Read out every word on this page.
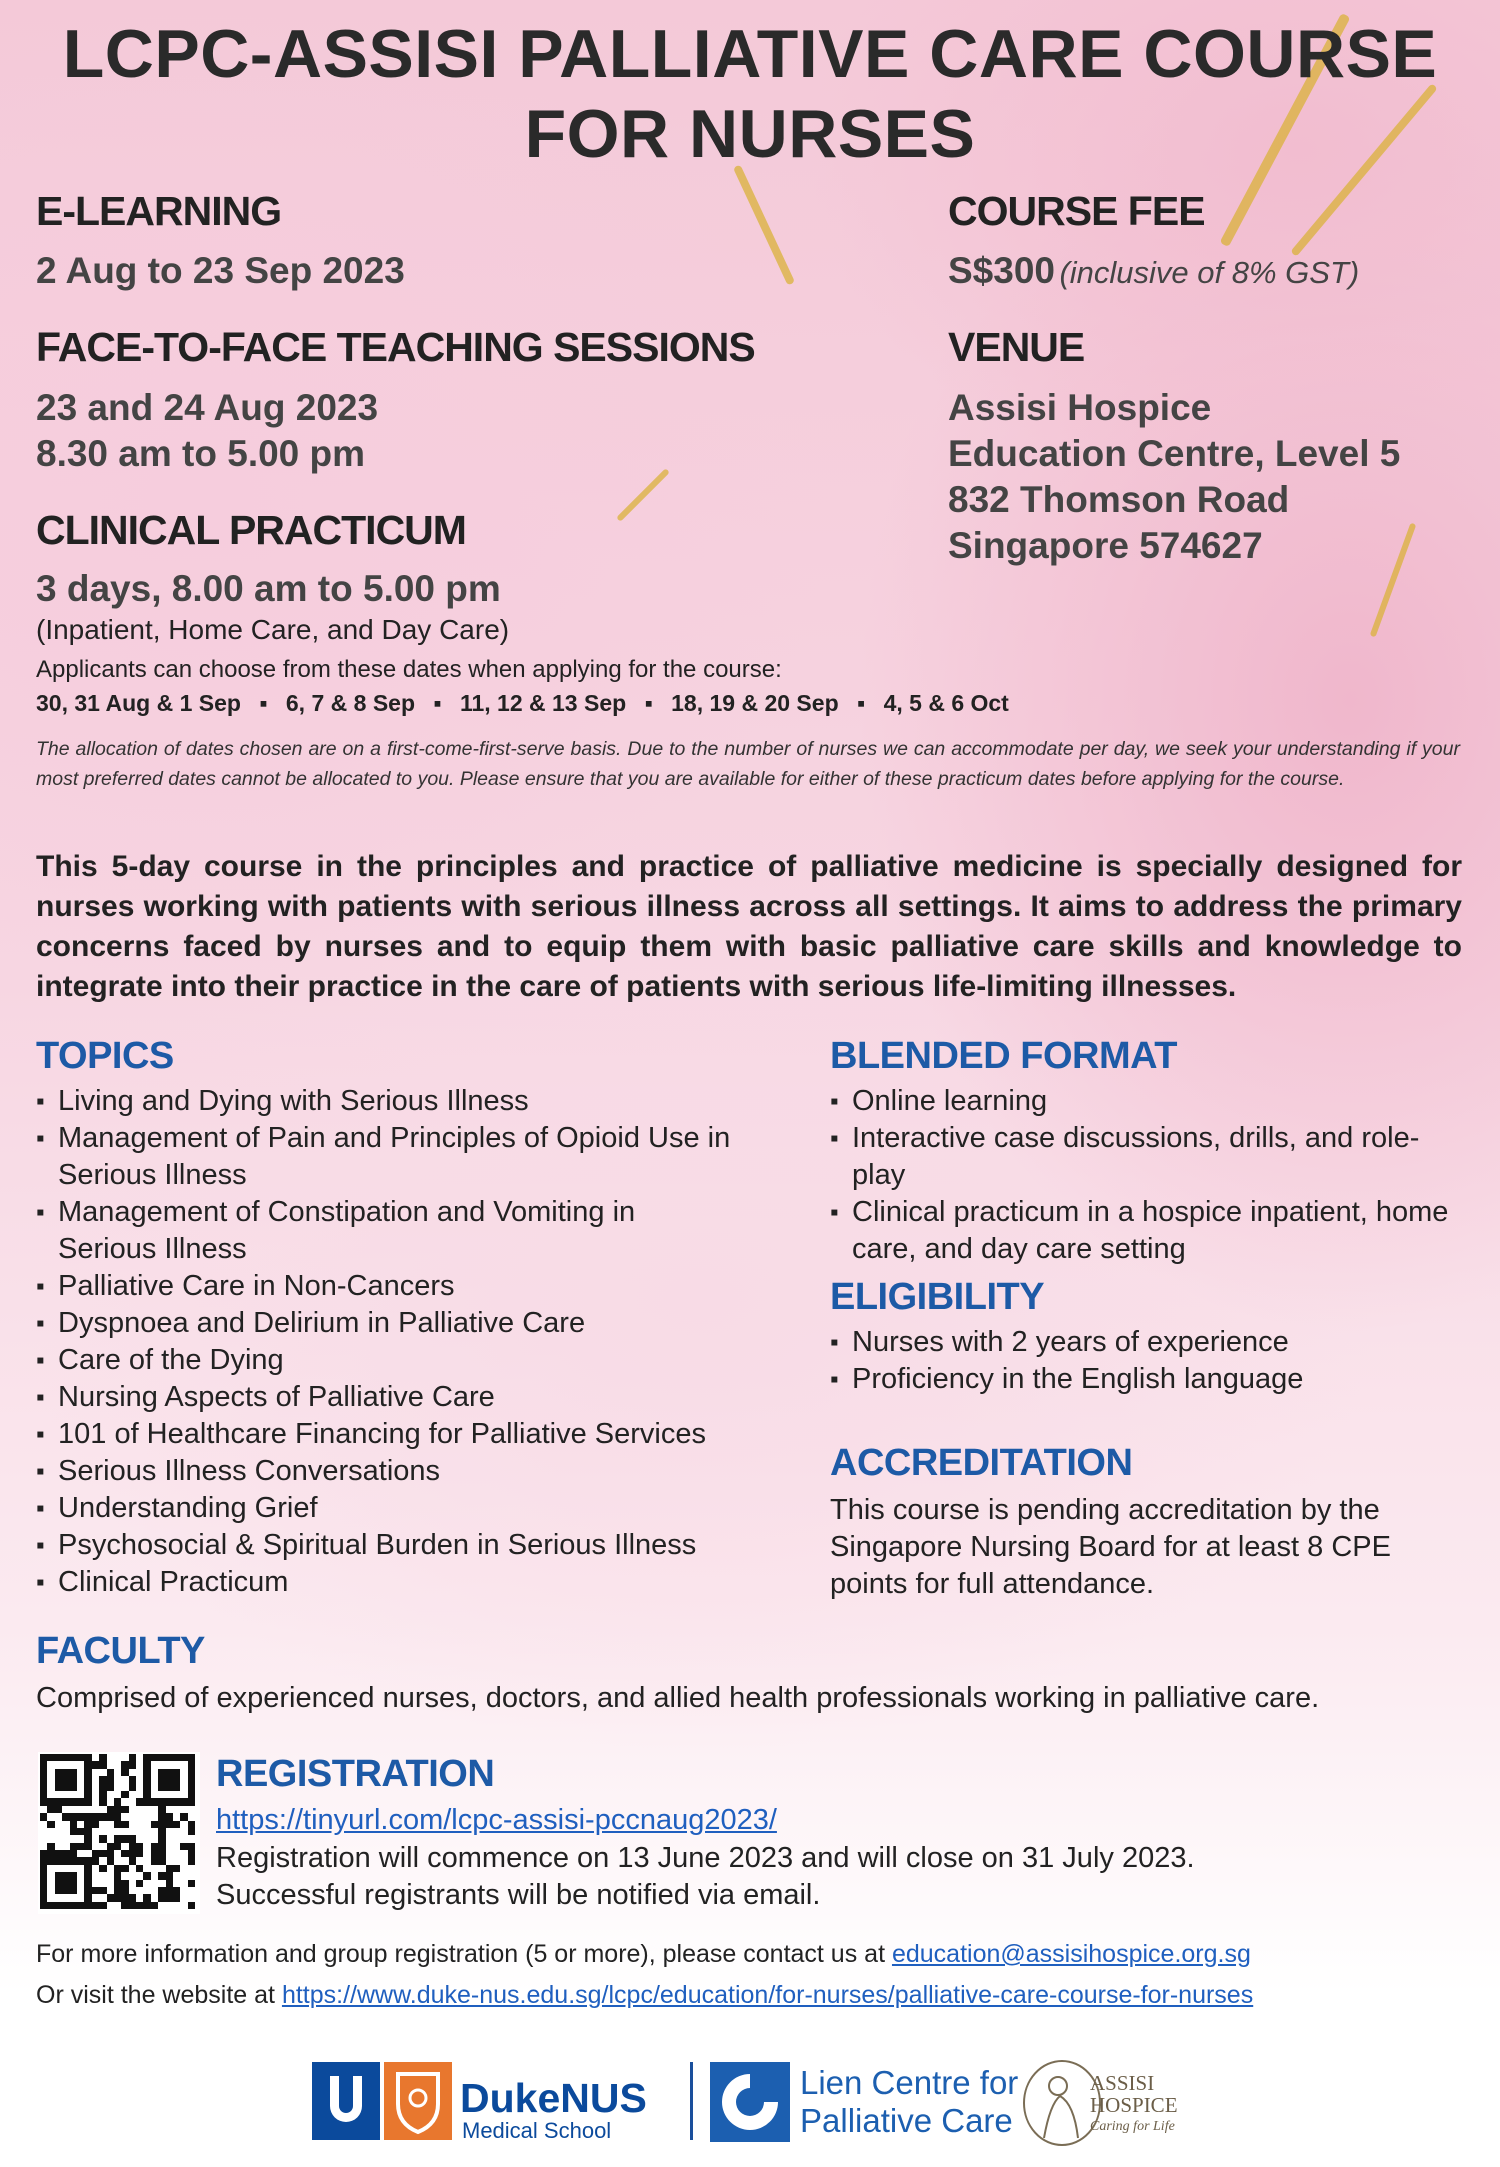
LCPC-ASSISI PALLIATIVE CARE COURSE
FOR NURSES
E-LEARNING
2 Aug to 23 Sep 2023
COURSE FEE
S$300 (inclusive of 8% GST)
FACE-TO-FACE TEACHING SESSIONS
23 and 24 Aug 2023
8.30 am to 5.00 pm
VENUE
Assisi Hospice
Education Centre, Level 5
832 Thomson Road
Singapore 574627
CLINICAL PRACTICUM
3 days, 8.00 am to 5.00 pm
(Inpatient, Home Care, and Day Care)
Applicants can choose from these dates when applying for the course:
30, 31 Aug & 1 Sep ▪ 6, 7 & 8 Sep ▪ 11, 12 & 13 Sep ▪ 18, 19 & 20 Sep ▪ 4, 5 & 6 Oct
The allocation of dates chosen are on a first-come-first-serve basis. Due to the number of nurses we can accommodate per day, we seek your understanding if your most preferred dates cannot be allocated to you. Please ensure that you are available for either of these practicum dates before applying for the course.
This 5-day course in the principles and practice of palliative medicine is specially designed for nurses working with patients with serious illness across all settings. It aims to address the primary concerns faced by nurses and to equip them with basic palliative care skills and knowledge to integrate into their practice in the care of patients with serious life-limiting illnesses.
TOPICS
▪ Living and Dying with Serious Illness
▪ Management of Pain and Principles of Opioid Use in Serious Illness
▪ Management of Constipation and Vomiting in Serious Illness
▪ Palliative Care in Non-Cancers
▪ Dyspnoea and Delirium in Palliative Care
▪ Care of the Dying
▪ Nursing Aspects of Palliative Care
▪ 101 of Healthcare Financing for Palliative Services
▪ Serious Illness Conversations
▪ Understanding Grief
▪ Psychosocial & Spiritual Burden in Serious Illness
▪ Clinical Practicum
BLENDED FORMAT
▪ Online learning
▪ Interactive case discussions, drills, and role-play
▪ Clinical practicum in a hospice inpatient, home care, and day care setting
ELIGIBILITY
▪ Nurses with 2 years of experience
▪ Proficiency in the English language
ACCREDITATION
This course is pending accreditation by the Singapore Nursing Board for at least 8 CPE points for full attendance.
FACULTY
Comprised of experienced nurses, doctors, and allied health professionals working in palliative care.
REGISTRATION
https://tinyurl.com/lcpc-assisi-pccnaug2023/
Registration will commence on 13 June 2023 and will close on 31 July 2023.
Successful registrants will be notified via email.
For more information and group registration (5 or more), please contact us at education@assisihospice.org.sg
Or visit the website at https://www.duke-nus.edu.sg/lcpc/education/for-nurses/palliative-care-course-for-nurses
DukeNUS
Medical School
Lien Centre for
Palliative Care
ASSISI
HOSPICE
Caring for Life
